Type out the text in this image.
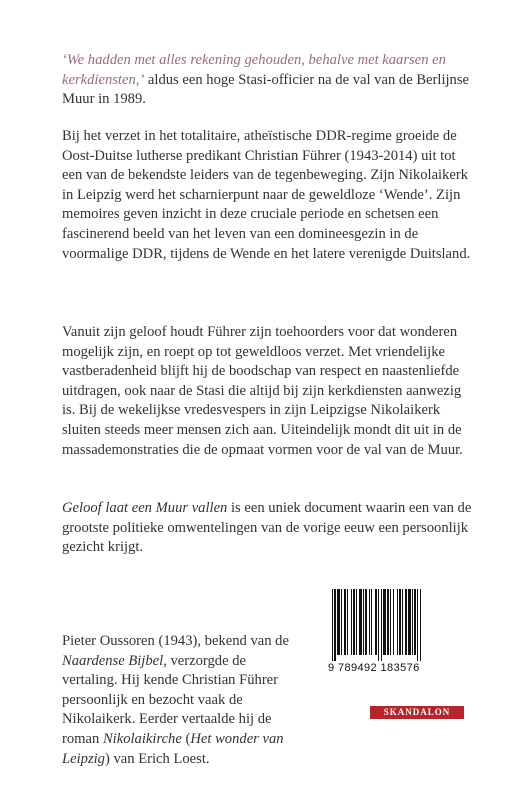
‘We hadden met alles rekening gehouden, behalve met kaarsen en kerkdiensten,’ aldus een hoge Stasi-officier na de val van de Berlijnse Muur in 1989.

Bij het verzet in het totalitaire, atheïstische DDR-regime groeide de Oost-Duitse lutherse predikant Christian Führer (1943-2014) uit tot een van de bekendste leiders van de tegenbeweging. Zijn Nikolaikerk in Leipzig werd het scharnierpunt naar de geweldloze ‘Wende’. Zijn memoires geven inzicht in deze cruciale periode en schetsen een fascinerend beeld van het leven van een domineesgezin in de voormalige DDR, tijdens de Wende en het latere verenigde Duitsland.

Vanuit zijn geloof houdt Führer zijn toehoorders voor dat wonderen mogelijk zijn, en roept op tot geweldloos verzet. Met vriendelijke vastberadenheid blijft hij de boodschap van respect en naastenliefde uitdragen, ook naar de Stasi die altijd bij zijn kerkdiensten aanwezig is. Bij de wekelijkse vredesvespers in zijn Leipzigse Nikolaikerk sluiten steeds meer mensen zich aan. Uiteindelijk mondt dit uit in de massademonstraties die de opmaat vormen voor de val van de Muur.

Geloof laat een Muur vallen is een uniek document waarin een van de grootste politieke omwentelingen van de vorige eeuw een persoonlijk gezicht krijgt.

Pieter Oussoren (1943), bekend van de Naardense Bijbel, verzorgde de vertaling. Hij kende Christian Führer persoonlijk en bezocht vaak de Nikolaikerk. Eerder vertaalde hij de roman Nikolaikirche (Het wonder van Leipzig) van Erich Loest.

9 789492 183576
SKANDALON
